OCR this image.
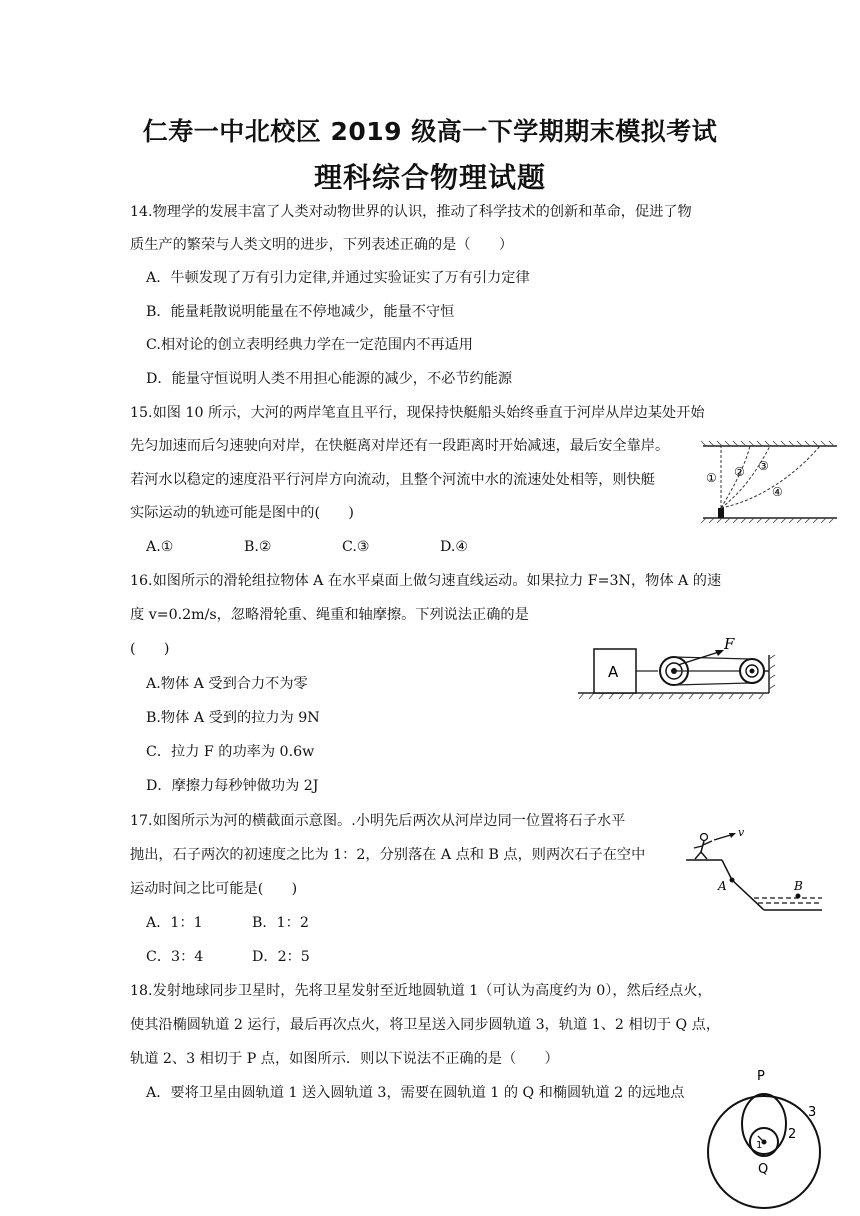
仁寿一中北校区 2019 级高一下学期期末模拟考试
理科综合物理试题
14.物理学的发展丰富了人类对动物世界的认识，推动了科学技术的创新和革命，促进了物
质生产的繁荣与人类文明的进步，下列表述正确的是（　　）
A．牛顿发现了万有引力定律,并通过实验证实了万有引力定律
B．能量耗散说明能量在不停地减少，能量不守恒
C.相对论的创立表明经典力学在一定范围内不再适用
D．能量守恒说明人类不用担心能源的减少，不必节约能源
15.如图 10 所示，大河的两岸笔直且平行，现保持快艇船头始终垂直于河岸从岸边某处开始
先匀加速而后匀速驶向对岸，在快艇离对岸还有一段距离时开始减速，最后安全靠岸。
若河水以稳定的速度沿平行河岸方向流动，且整个河流中水的流速处处相等，则快艇
实际运动的轨迹可能是图中的(　　)
A.①	B.②	C.③	D.④
① ② ③
④
16.如图所示的滑轮组拉物体 A 在水平桌面上做匀速直线运动。如果拉力 F=3N，物体 A 的速
度 v=0.2m/s，忽略滑轮重、绳重和轴摩擦。下列说法正确的是
(　　)
A.物体 A 受到合力不为零
B.物体 A 受到的拉力为 9N
C．拉力 F 的功率为 0.6w
D．摩擦力每秒钟做功为 2J
A
F
17.如图所示为河的横截面示意图。.小明先后两次从河岸边同一位置将石子水平
抛出，石子两次的初速度之比为 1：2，分别落在 A 点和 B 点，则两次石子在空中
运动时间之比可能是(　　)
A．1：1	B．1：2
C．3：4	D．2：5
v
A	B
18.发射地球同步卫星时，先将卫星发射至近地圆轨道 1（可认为高度约为 0），然后经点火，
使其沿椭圆轨道 2 运行，最后再次点火，将卫星送入同步圆轨道 3，轨道 1、2 相切于 Q 点，
轨道 2、3 相切于 P 点，如图所示．则以下说法不正确的是（　　）
A．要将卫星由圆轨道 1 送入圆轨道 3，需要在圆轨道 1 的 Q 和椭圆轨道 2 的远地点
P
Q
1
2
3
